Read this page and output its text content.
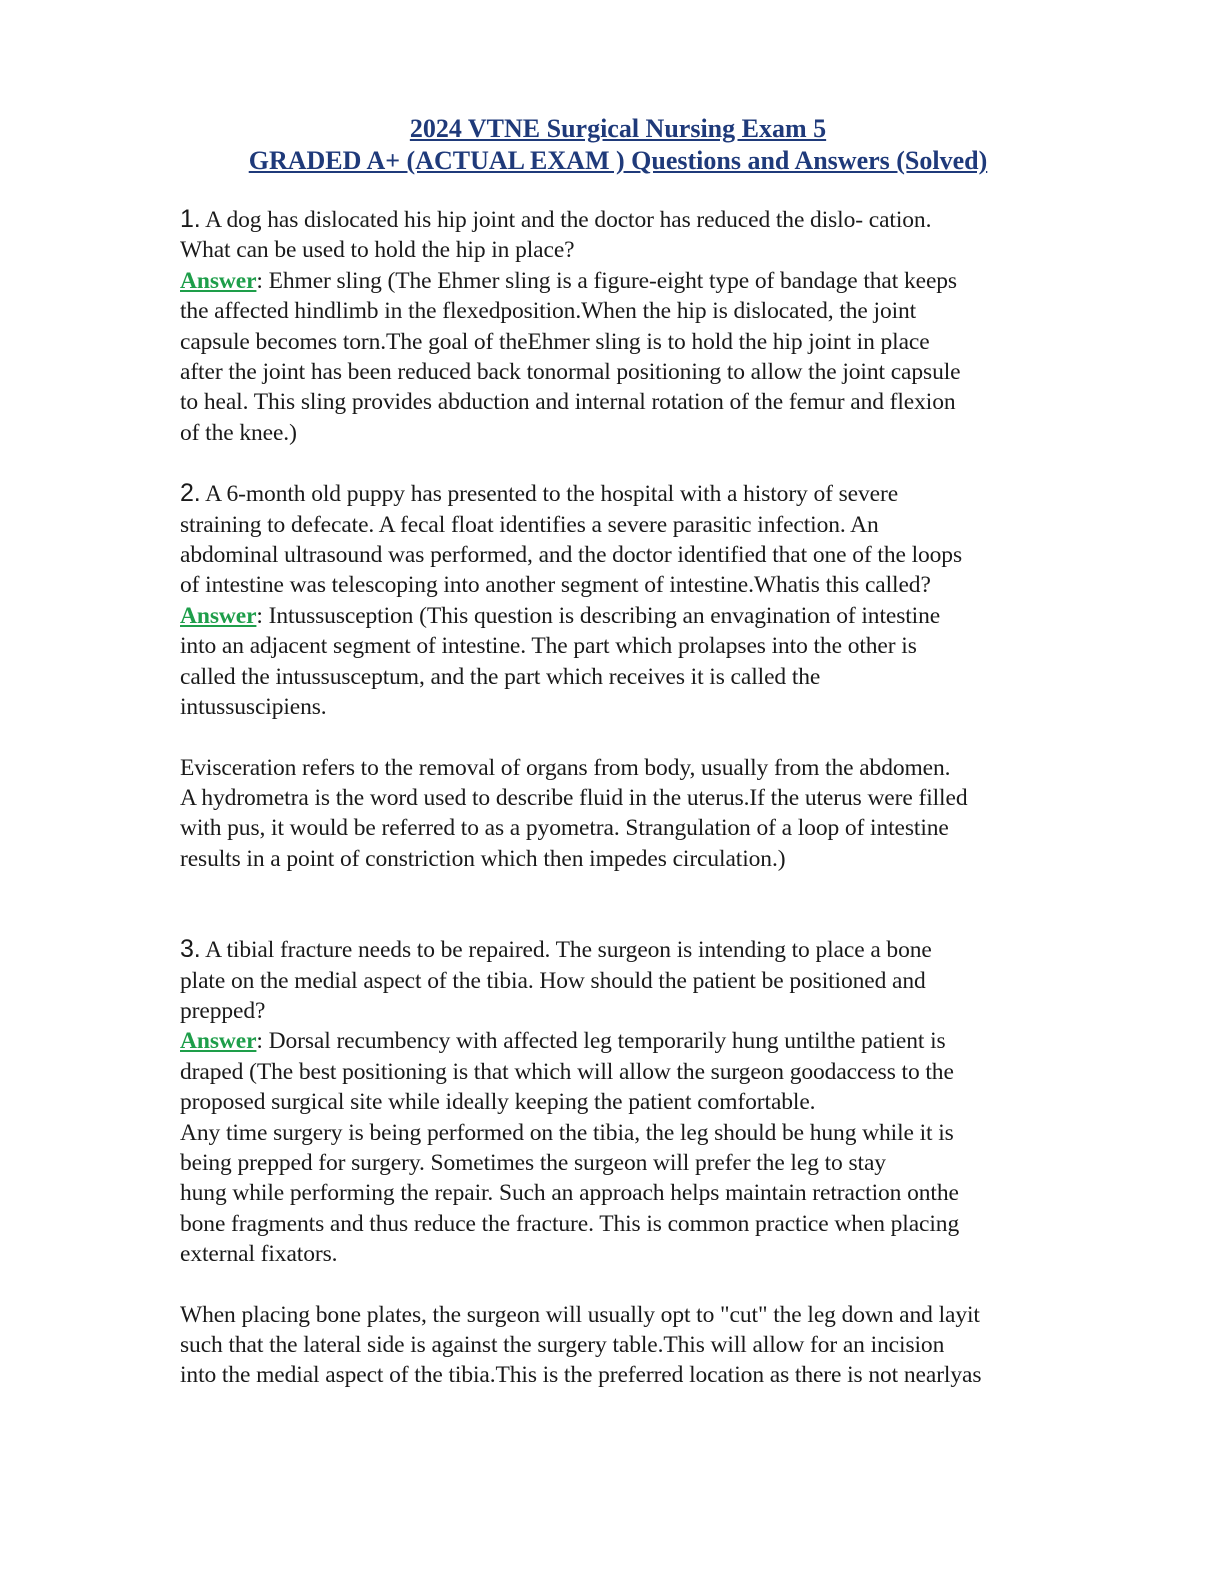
2024 VTNE Surgical Nursing Exam 5

GRADED A+ (ACTUAL EXAM ) Questions and Answers (Solved)

1. A dog has dislocated his hip joint and the doctor has reduced the dislo- cation.
What can be used to hold the hip in place?
Answer: Ehmer sling (The Ehmer sling is a figure-eight type of bandage that keeps
the affected hindlimb in the flexedposition.When the hip is dislocated, the joint
capsule becomes torn.The goal of theEhmer sling is to hold the hip joint in place
after the joint has been reduced back tonormal positioning to allow the joint capsule
to heal. This sling provides abduction and internal rotation of the femur and flexion
of the knee.)
2. A 6-month old puppy has presented to the hospital with a history of severe
straining to defecate. A fecal float identifies a severe parasitic infection. An
abdominal ultrasound was performed, and the doctor identified that one of the loops
of intestine was telescoping into another segment of intestine.Whatis this called?
Answer: Intussusception (This question is describing an envagination of intestine
into an adjacent segment of intestine. The part which prolapses into the other is
called the intussusceptum, and the part which receives it is called the
intussuscipiens.
Evisceration refers to the removal of organs from body, usually from the abdomen.
A hydrometra is the word used to describe fluid in the uterus.If the uterus were filled
with pus, it would be referred to as a pyometra. Strangulation of a loop of intestine
results in a point of constriction which then impedes circulation.)
3. A tibial fracture needs to be repaired. The surgeon is intending to place a bone
plate on the medial aspect of the tibia. How should the patient be positioned and
prepped?
Answer: Dorsal recumbency with affected leg temporarily hung untilthe patient is
draped (The best positioning is that which will allow the surgeon goodaccess to the
proposed surgical site while ideally keeping the patient comfortable.
Any time surgery is being performed on the tibia, the leg should be hung while it is
being prepped for surgery. Sometimes the surgeon will prefer the leg to stay
hung while performing the repair. Such an approach helps maintain retraction onthe
bone fragments and thus reduce the fracture. This is common practice when placing
external fixators.
When placing bone plates, the surgeon will usually opt to "cut" the leg down and layit
such that the lateral side is against the surgery table.This will allow for an incision
into the medial aspect of the tibia.This is the preferred location as there is not nearlyas
